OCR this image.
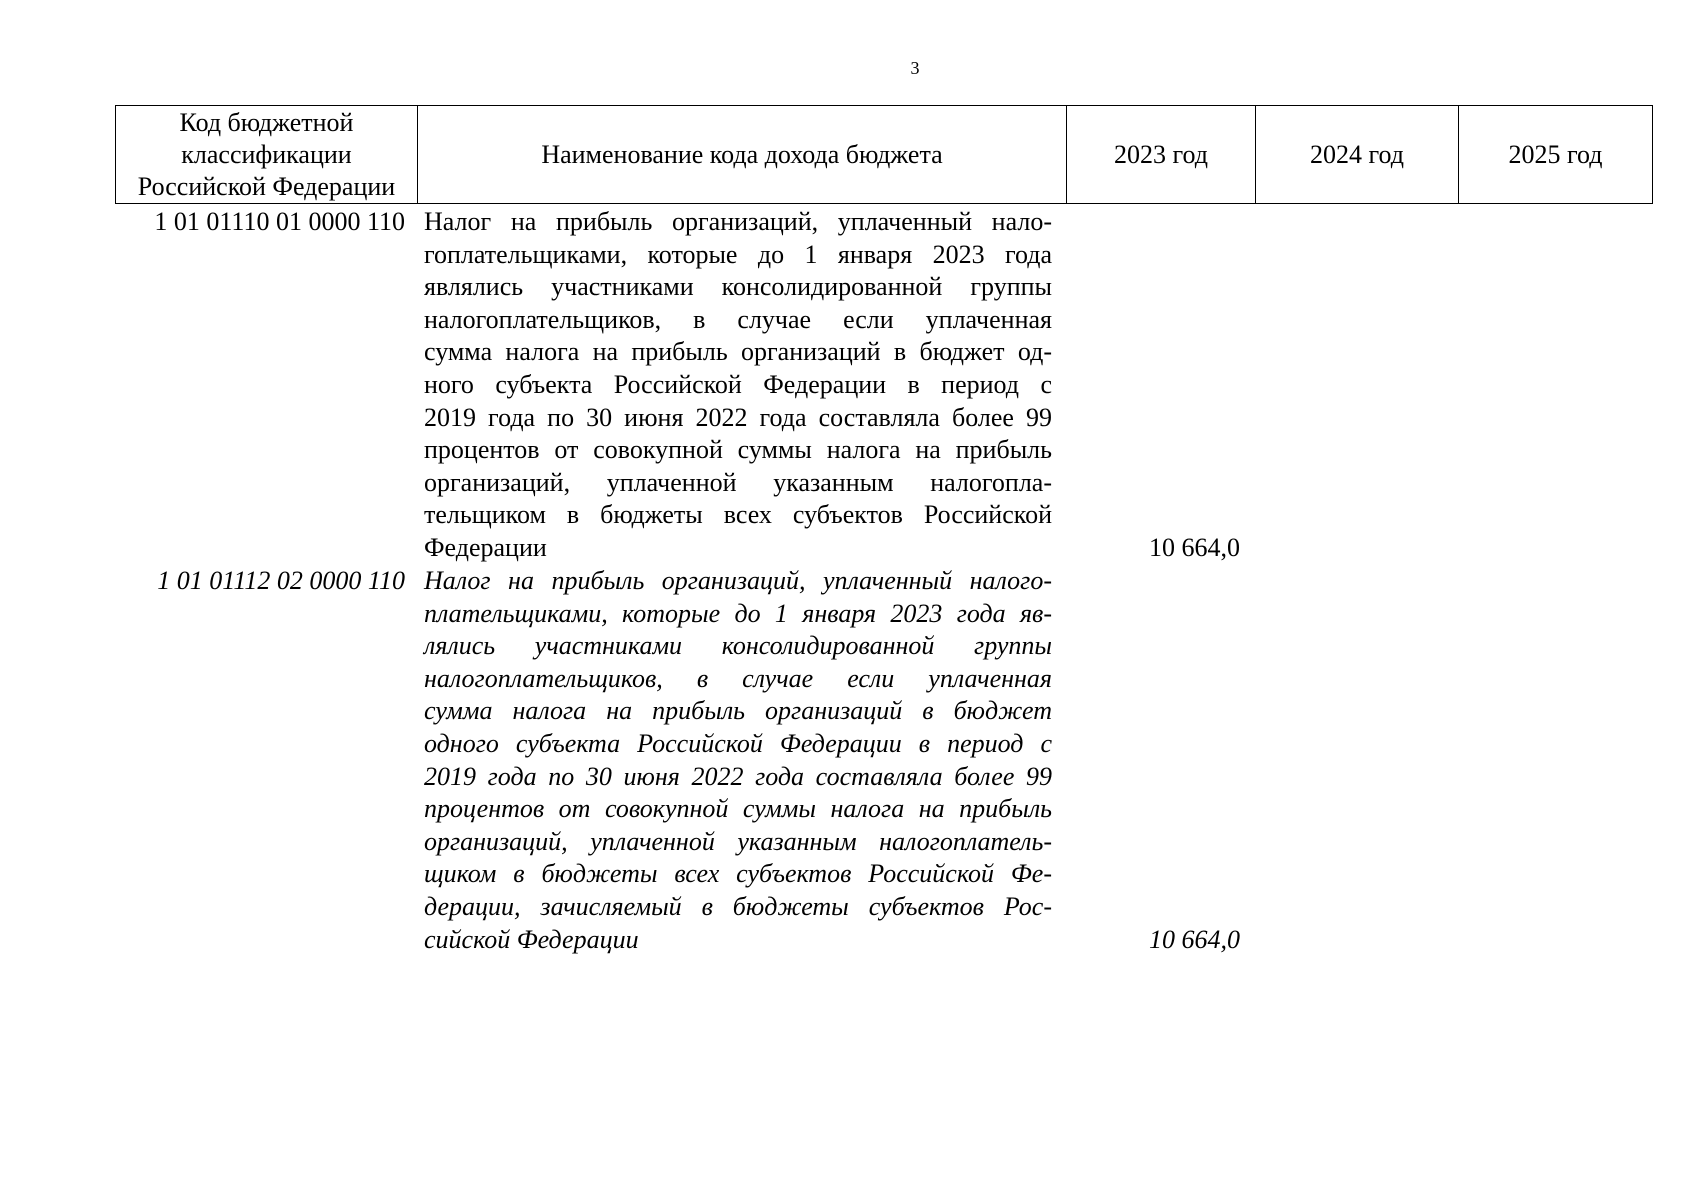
3
Код бюджетной
классификации
Российской Федерации
	Наименование кода дохода бюджета	2023 год	2024 год	2025 год
1 01 01110 01 0000 110 Налог на прибыль организаций, уплаченный нало-
гоплательщиками, которые до 1 января 2023 года
являлись участниками консолидированной группы
налогоплательщиков, в случае если уплаченная
сумма налога на прибыль организаций в бюджет од-
ного субъекта Российской Федерации в период с
2019 года по 30 июня 2022 года составляла более 99
процентов от совокупной суммы налога на прибыль
организаций, уплаченной указанным налогопла-
тельщиком в бюджеты всех субъектов Российской
Федерации	10 664,0
1 01 01112 02 0000 110 Налог на прибыль организаций, уплаченный налого-
плательщиками, которые до 1 января 2023 года яв-
лялись участниками консолидированной группы
налогоплательщиков, в случае если уплаченная
сумма налога на прибыль организаций в бюджет
одного субъекта Российской Федерации в период с
2019 года по 30 июня 2022 года составляла более 99
процентов от совокупной суммы налога на прибыль
организаций, уплаченной указанным налогоплатель-
щиком в бюджеты всех субъектов Российской Фе-
дерации, зачисляемый в бюджеты субъектов Рос-
сийской Федерации	10 664,0
